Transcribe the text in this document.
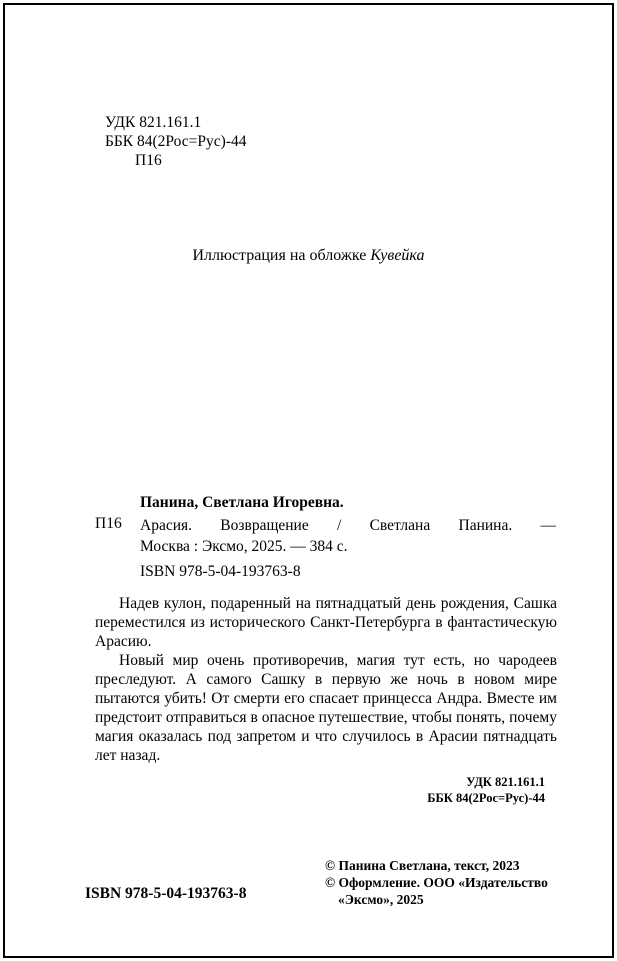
УДК 821.161.1
ББК 84(2Рос=Рус)-44
П16
Иллюстрация на обложке Кувейка
Панина, Светлана Игоревна.
П16 Арасия. Возвращение / Светлана Панина. —
Москва : Эксмо, 2025. — 384 с.
ISBN 978-5-04-193763-8

Надев кулон, подаренный на пятнадцатый день рождения, Сашка переместился из исторического Санкт-Петербурга в фантастическую Арасию.

Новый мир очень противоречив, магия тут есть, но чародеев преследуют. А самого Сашку в первую же ночь в новом мире пытаются убить! От смерти его спасает принцесса Андра. Вместе им предстоит отправиться в опасное путешествие, чтобы понять, почему магия оказалась под запретом и что случилось в Арасии пятнадцать лет назад.

УДК 821.161.1
ББК 84(2Рос=Рус)-44
ISBN 978-5-04-193763-8
© Панина Светлана, текст, 2023
© Оформление. ООО «Издательство «Эксмо», 2025
